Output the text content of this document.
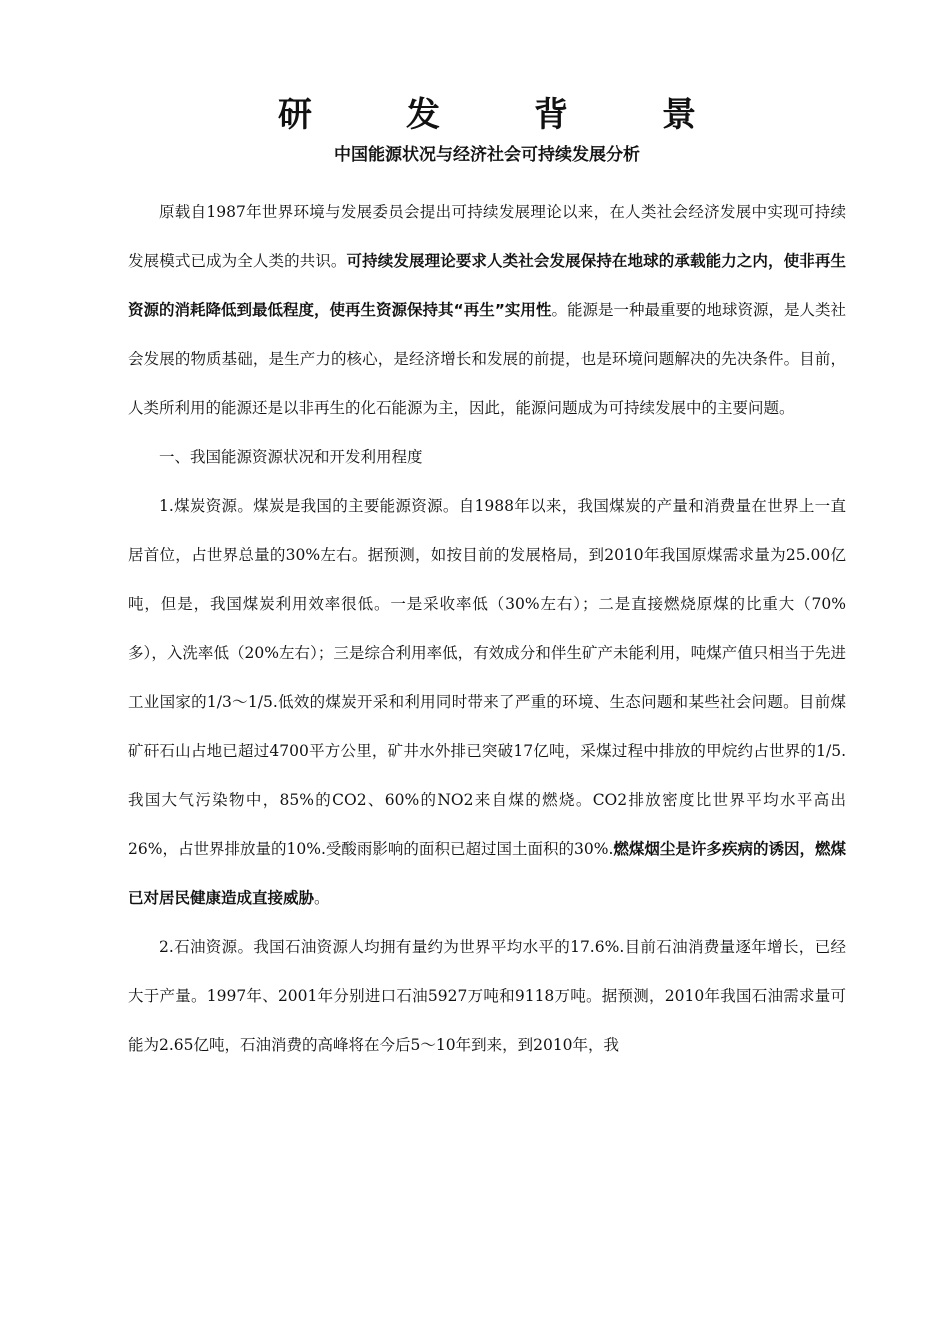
研　发　背　景
中国能源状况与经济社会可持续发展分析

原载自1987年世界环境与发展委员会提出可持续发展理论以来，在人类社会经济发展中实现可持续发展模式已成为全人类的共识。可持续发展理论要求人类社会发展保持在地球的承载能力之内，使非再生资源的消耗降低到最低程度，使再生资源保持其“再生”实用性。能源是一种最重要的地球资源，是人类社会发展的物质基础，是生产力的核心，是经济增长和发展的前提，也是环境问题解决的先决条件。目前，人类所利用的能源还是以非再生的化石能源为主，因此，能源问题成为可持续发展中的主要问题。

一、我国能源资源状况和开发利用程度

1.煤炭资源。煤炭是我国的主要能源资源。自1988年以来，我国煤炭的产量和消费量在世界上一直居首位，占世界总量的30%左右。据预测，如按目前的发展格局，到2010年我国原煤需求量为25.00亿吨，但是，我国煤炭利用效率很低。一是采收率低（30%左右）；二是直接燃烧原煤的比重大（70%多），入洗率低（20%左右）；三是综合利用率低，有效成分和伴生矿产未能利用，吨煤产值只相当于先进工业国家的1/3～1/5.低效的煤炭开采和利用同时带来了严重的环境、生态问题和某些社会问题。目前煤矿矸石山占地已超过4700平方公里，矿井水外排已突破17亿吨，采煤过程中排放的甲烷约占世界的1/5.我国大气污染物中，85%的CO2、60%的NO2来自煤的燃烧。CO2排放密度比世界平均水平高出26%，占世界排放量的10%.受酸雨影响的面积已超过国土面积的30%.燃煤烟尘是许多疾病的诱因，燃煤已对居民健康造成直接威胁。

2.石油资源。我国石油资源人均拥有量约为世界平均水平的17.6%.目前石油消费量逐年增长，已经大于产量。1997年、2001年分别进口石油5927万吨和9118万吨。据预测，2010年我国石油需求量可能为2.65亿吨，石油消费的高峰将在今后5～10年到来，到2010年，我
